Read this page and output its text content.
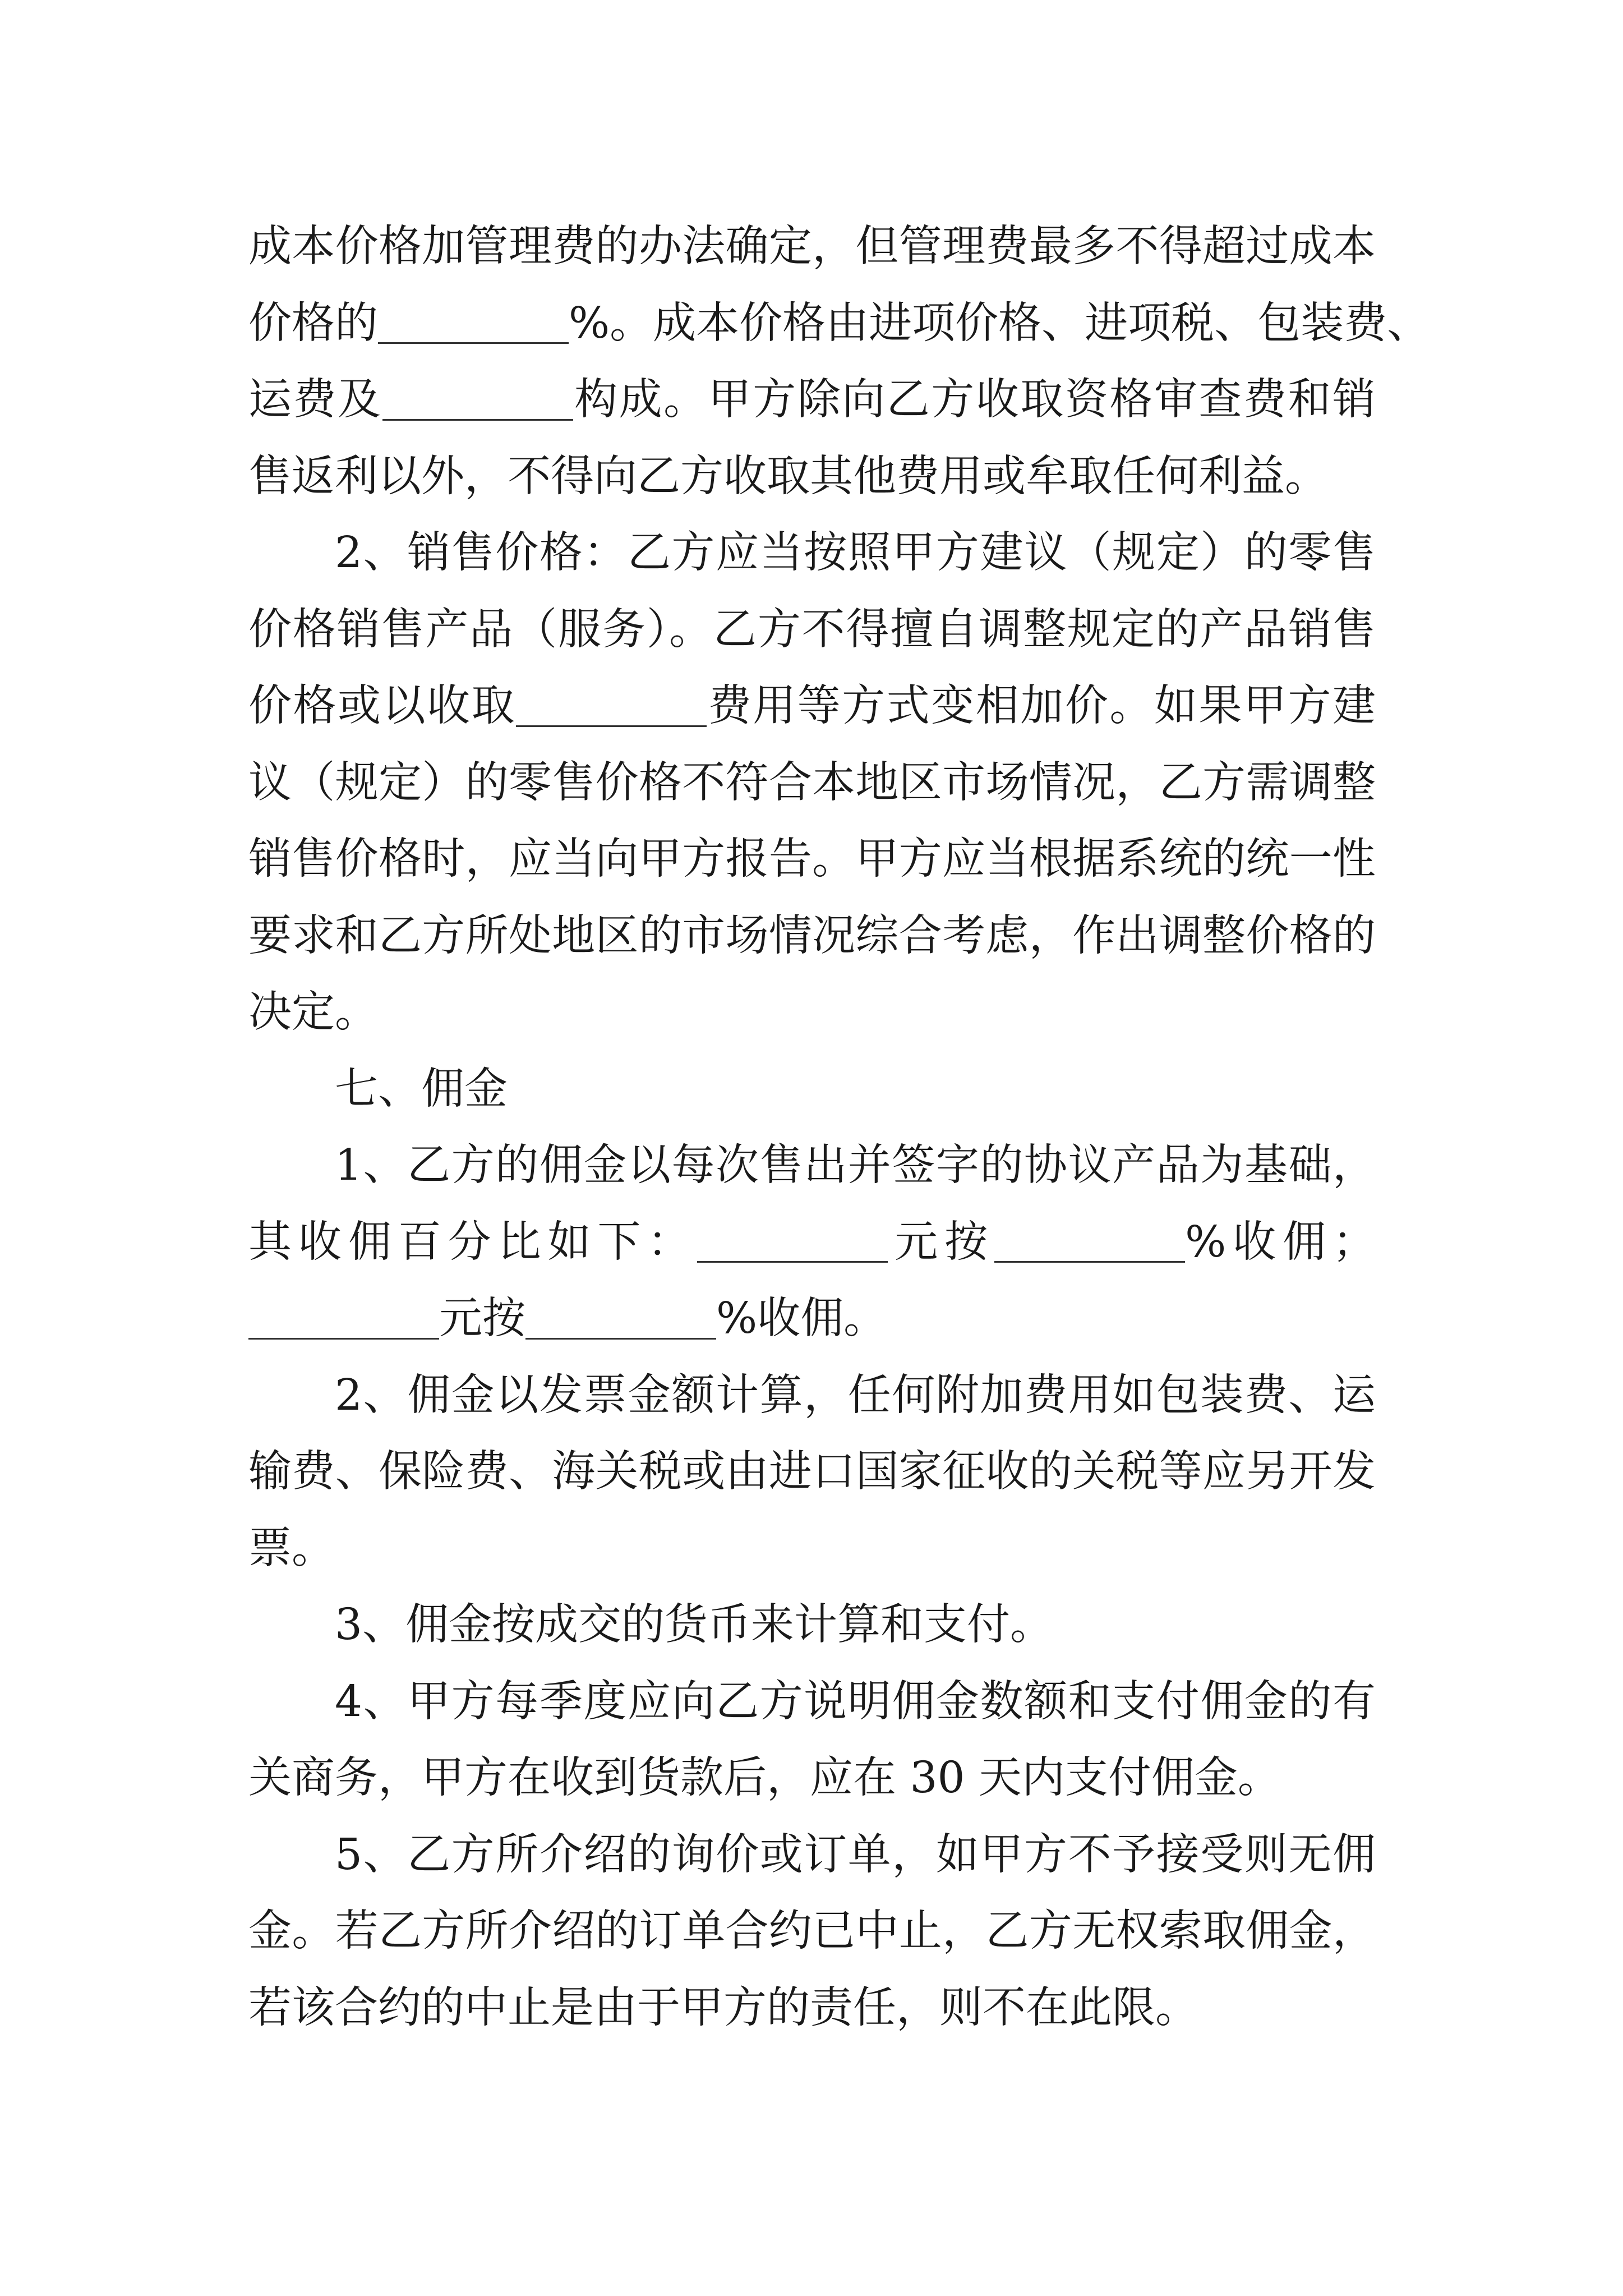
成本价格加管理费的办法确定，但管理费最多不得超过成本
价格的	%。成本价格由进项价格、进项税、包装费、
运费及	构成。甲方除向乙方收取资格审查费和销
售返利以外，不得向乙方收取其他费用或牟取任何利益。
2、销售价格：乙方应当按照甲方建议（规定）的零售
价格销售产品（服务）。乙方不得擅自调整规定的产品销售
价格或以收取	费用等方式变相加价。如果甲方建
议（规定）的零售价格不符合本地区市场情况，乙方需调整
销售价格时，应当向甲方报告。甲方应当根据系统的统一性
要求和乙方所处地区的市场情况综合考虑，作出调整价格的
决定。
七、佣金
1、乙方的佣金以每次售出并签字的协议产品为基础，
其收佣百分比如下：	元按	%收佣；
元按	%收佣。
2、佣金以发票金额计算，任何附加费用如包装费、运
输费、保险费、海关税或由进口国家征收的关税等应另开发
票。
3、佣金按成交的货币来计算和支付。
4、甲方每季度应向乙方说明佣金数额和支付佣金的有
关商务，甲方在收到货款后，应在 30 天内支付佣金。
5、乙方所介绍的询价或订单，如甲方不予接受则无佣
金。若乙方所介绍的订单合约已中止，乙方无权索取佣金，
若该合约的中止是由于甲方的责任，则不在此限。
